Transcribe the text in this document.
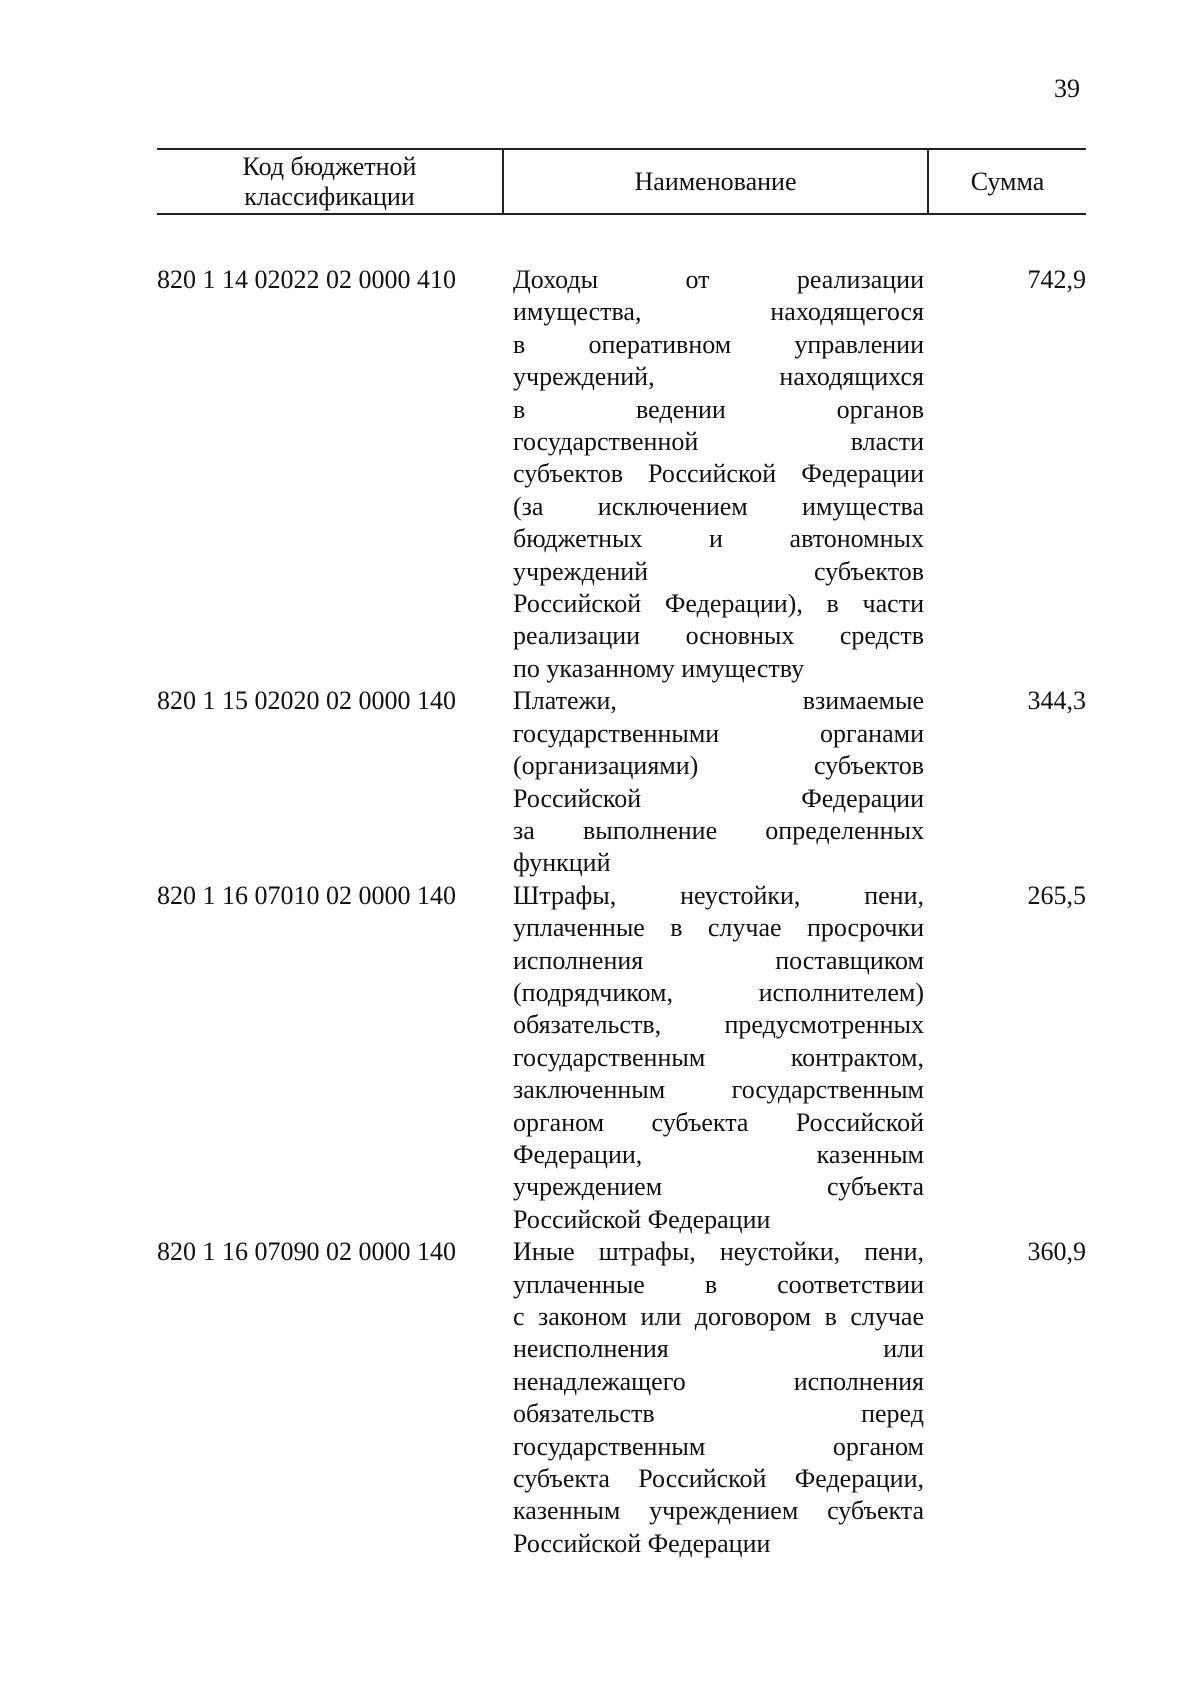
39
Код бюджетной классификации
Наименование	Сумма
820 1 14 02022 02 0000 410	Доходы от реализации
имущества, находящегося
в оперативном управлении
учреждений, находящихся
в ведении органов
государственной власти
субъектов Российской Федерации
(за исключением имущества
бюджетных и автономных
учреждений субъектов
Российской Федерации), в части
реализации основных средств
по указанному имуществу
742,9
820 1 15 02020 02 0000 140	Платежи, взимаемые
государственными органами
(организациями) субъектов
Российской Федерации
за выполнение определенных
функций
344,3
820 1 16 07010 02 0000 140	Штрафы, неустойки, пени,
уплаченные в случае просрочки
исполнения поставщиком
(подрядчиком, исполнителем)
обязательств, предусмотренных
государственным контрактом,
заключенным государственным
органом субъекта Российской
Федерации, казенным
учреждением субъекта
Российской Федерации
265,5
820 1 16 07090 02 0000 140	Иные штрафы, неустойки, пени,
уплаченные в соответствии
с законом или договором в случае
неисполнения или
ненадлежащего исполнения
обязательств перед
государственным органом
субъекта Российской Федерации,
казенным учреждением субъекта
Российской Федерации
360,9
